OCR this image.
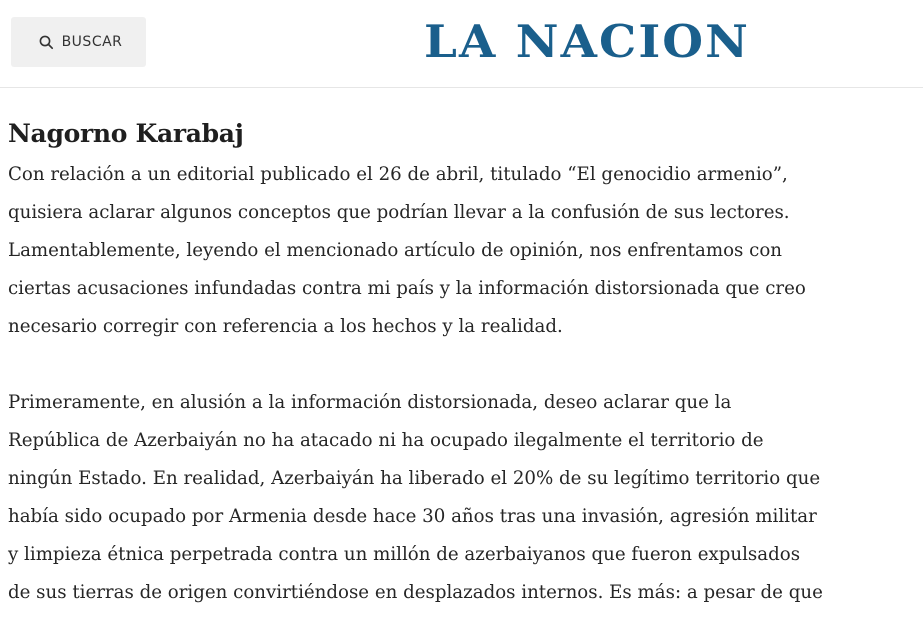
BUSCAR	LA NACION
Nagorno Karabaj

Con relación a un editorial publicado el 26 de abril, titulado “El genocidio armenio”,
quisiera aclarar algunos conceptos que podrían llevar a la confusión de sus lectores.
Lamentablemente, leyendo el mencionado artículo de opinión, nos enfrentamos con
ciertas acusaciones infundadas contra mi país y la información distorsionada que creo
necesario corregir con referencia a los hechos y la realidad.

Primeramente, en alusión a la información distorsionada, deseo aclarar que la
República de Azerbaiyán no ha atacado ni ha ocupado ilegalmente el territorio de
ningún Estado. En realidad, Azerbaiyán ha liberado el 20% de su legítimo territorio que
había sido ocupado por Armenia desde hace 30 años tras una invasión, agresión militar
y limpieza étnica perpetrada contra un millón de azerbaiyanos que fueron expulsados
de sus tierras de origen convirtiéndose en desplazados internos. Es más: a pesar de que
